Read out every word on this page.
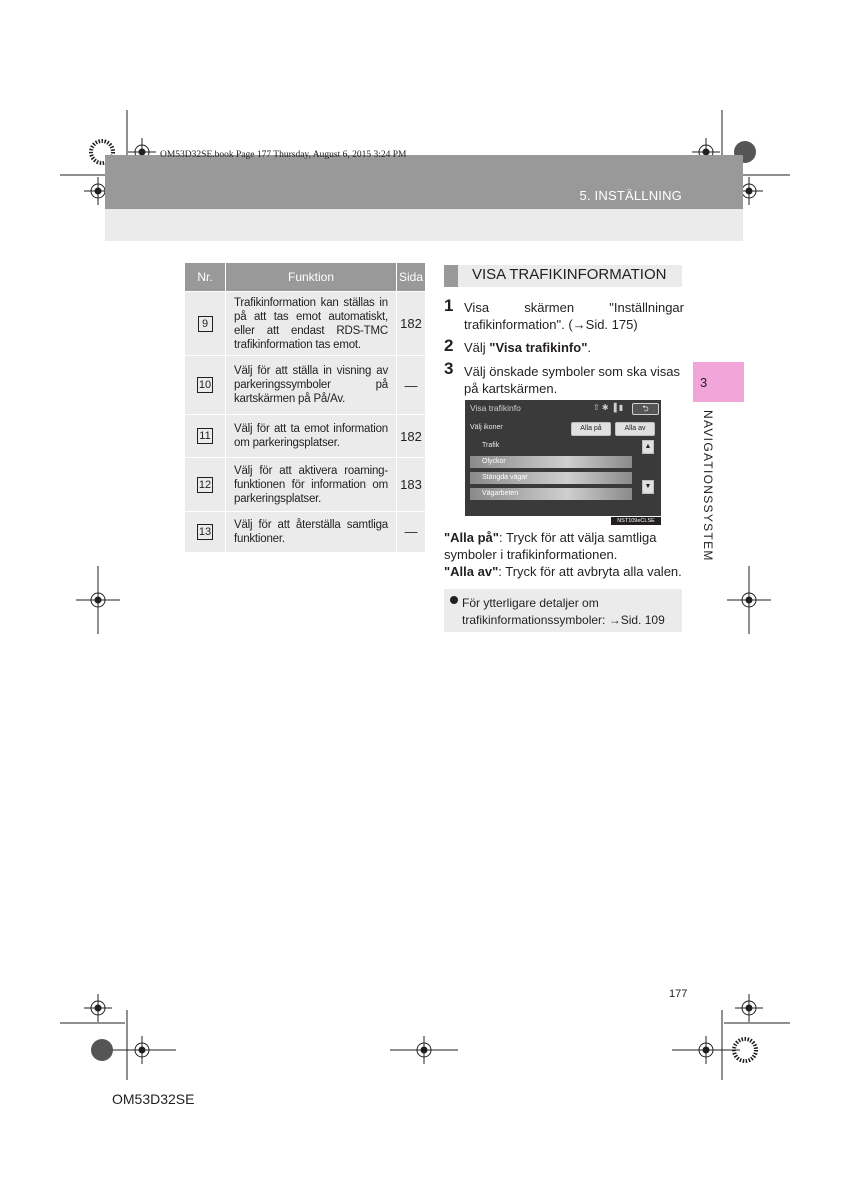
OM53D32SE.book Page 177 Thursday, August 6, 2015 3:24 PM
5. INSTÄLLNING
3
NAVIGATIONSSYSTEM
Nr.	Funktion	Sida
9	Trafikinformation kan ställas in på att tas emot automatiskt, eller att endast RDS-TMC trafikinformation tas emot.	182
10	Välj för att ställa in visning av parkeringssymboler på kartskärmen på På/Av.	—
11	Välj för att ta emot information om parkeringsplatser.	182
12	Välj för att aktivera roaming-funktionen för information om parkeringsplatser.	183
13	Välj för att återställa samtliga funktioner.	—
VISA TRAFIKINFORMATION
1 Visa skärmen "Inställningar trafikinformation". (→Sid. 175)
2 Välj "Visa trafikinfo".
3 Välj önskade symboler som ska visas på kartskärmen.
Visa trafikinfo	⇧ ✱ ▐ ▮	⮌
Välj ikoner	Alla på	Alla av
Trafik
Olyckor
Stängda vägar
Vägarbeten
▲
▼
NST109eCLSE
"Alla på": Tryck för att välja samtliga symboler i trafikinformationen.
"Alla av": Tryck för att avbryta alla valen.
För ytterligare detaljer om trafikinformationssymboler: →Sid. 109
177
OM53D32SE
